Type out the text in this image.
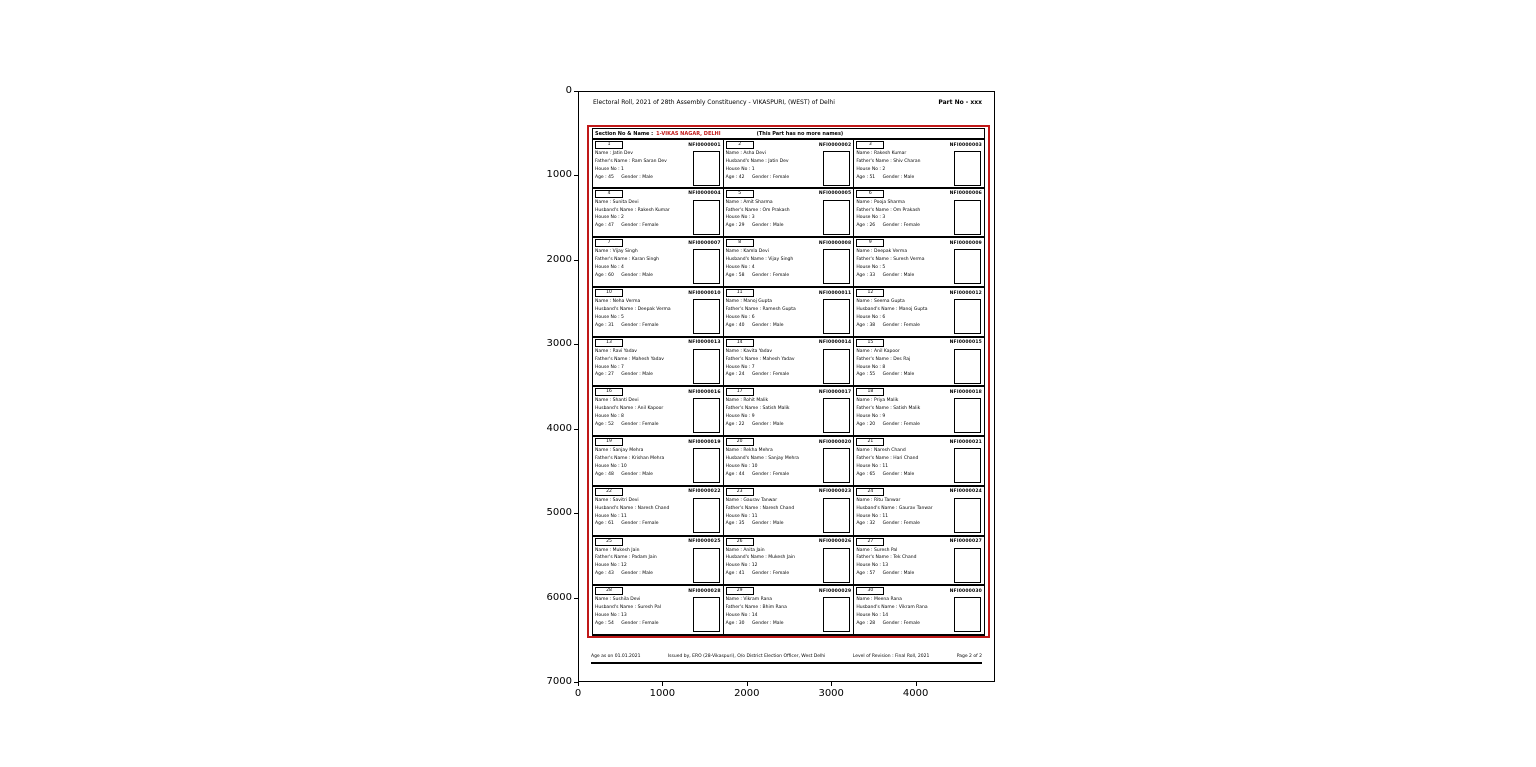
Electoral Roll, 2021 of 28th Assembly Constituency - VIKASPURI, (WEST) of Delhi	Part No - xxx
Section No & Name : 1-VIKAS NAGAR, DELHI	(This Part has no more names)
1	NFI0000001
Name : Jatin Dev
Father's Name : Ram Saran Dev
House No : 1
Age : 45 Gender : Male
2	NFI0000002
Name : Asha Devi
Husband's Name : Jatin Dev
House No : 1
Age : 42 Gender : Female
3	NFI0000003
Name : Rakesh Kumar
Father's Name : Shiv Charan
House No : 2
Age : 51 Gender : Male
4	NFI0000004
Name : Sunita Devi
Husband's Name : Rakesh Kumar
House No : 2
Age : 47 Gender : Female
5	NFI0000005
Name : Amit Sharma
Father's Name : Om Prakash
House No : 3
Age : 29 Gender : Male
6	NFI0000006
Name : Pooja Sharma
Father's Name : Om Prakash
House No : 3
Age : 26 Gender : Female
7	NFI0000007
Name : Vijay Singh
Father's Name : Karan Singh
House No : 4
Age : 60 Gender : Male
8	NFI0000008
Name : Kamla Devi
Husband's Name : Vijay Singh
House No : 4
Age : 58 Gender : Female
9	NFI0000009
Name : Deepak Verma
Father's Name : Suresh Verma
House No : 5
Age : 33 Gender : Male
10	NFI0000010
Name : Neha Verma
Husband's Name : Deepak Verma
House No : 5
Age : 31 Gender : Female
11	NFI0000011
Name : Manoj Gupta
Father's Name : Ramesh Gupta
House No : 6
Age : 40 Gender : Male
12	NFI0000012
Name : Seema Gupta
Husband's Name : Manoj Gupta
House No : 6
Age : 38 Gender : Female
13	NFI0000013
Name : Ravi Yadav
Father's Name : Mahesh Yadav
House No : 7
Age : 27 Gender : Male
14	NFI0000014
Name : Kavita Yadav
Father's Name : Mahesh Yadav
House No : 7
Age : 24 Gender : Female
15	NFI0000015
Name : Anil Kapoor
Father's Name : Des Raj
House No : 8
Age : 55 Gender : Male
16	NFI0000016
Name : Shanti Devi
Husband's Name : Anil Kapoor
House No : 8
Age : 52 Gender : Female
17	NFI0000017
Name : Rohit Malik
Father's Name : Satish Malik
House No : 9
Age : 22 Gender : Male
18	NFI0000018
Name : Priya Malik
Father's Name : Satish Malik
House No : 9
Age : 20 Gender : Female
19	NFI0000019
Name : Sanjay Mehra
Father's Name : Krishan Mehra
House No : 10
Age : 48 Gender : Male
20	NFI0000020
Name : Rekha Mehra
Husband's Name : Sanjay Mehra
House No : 10
Age : 44 Gender : Female
21	NFI0000021
Name : Naresh Chand
Father's Name : Hari Chand
House No : 11
Age : 65 Gender : Male
22	NFI0000022
Name : Savitri Devi
Husband's Name : Naresh Chand
House No : 11
Age : 61 Gender : Female
23	NFI0000023
Name : Gaurav Tanwar
Father's Name : Naresh Chand
House No : 11
Age : 35 Gender : Male
24	NFI0000024
Name : Ritu Tanwar
Husband's Name : Gaurav Tanwar
House No : 11
Age : 32 Gender : Female
25	NFI0000025
Name : Mukesh Jain
Father's Name : Padam Jain
House No : 12
Age : 43 Gender : Male
26	NFI0000026
Name : Anita Jain
Husband's Name : Mukesh Jain
House No : 12
Age : 41 Gender : Female
27	NFI0000027
Name : Suresh Pal
Father's Name : Tek Chand
House No : 13
Age : 57 Gender : Male
28	NFI0000028
Name : Sushila Devi
Husband's Name : Suresh Pal
House No : 13
Age : 54 Gender : Female
29	NFI0000029
Name : Vikram Rana
Father's Name : Bhim Rana
House No : 14
Age : 30 Gender : Male
30	NFI0000030
Name : Meena Rana
Husband's Name : Vikram Rana
House No : 14
Age : 28 Gender : Female
Age as on 01.01.2021	Issued by, ERO (28-Vikaspuri), O/o District Election Officer, West Delhi	Level of Revision : Final Roll, 2021	Page 2 of 2
0
1000
2000
3000
4000
5000
6000
7000
0	1000	2000	3000	4000
